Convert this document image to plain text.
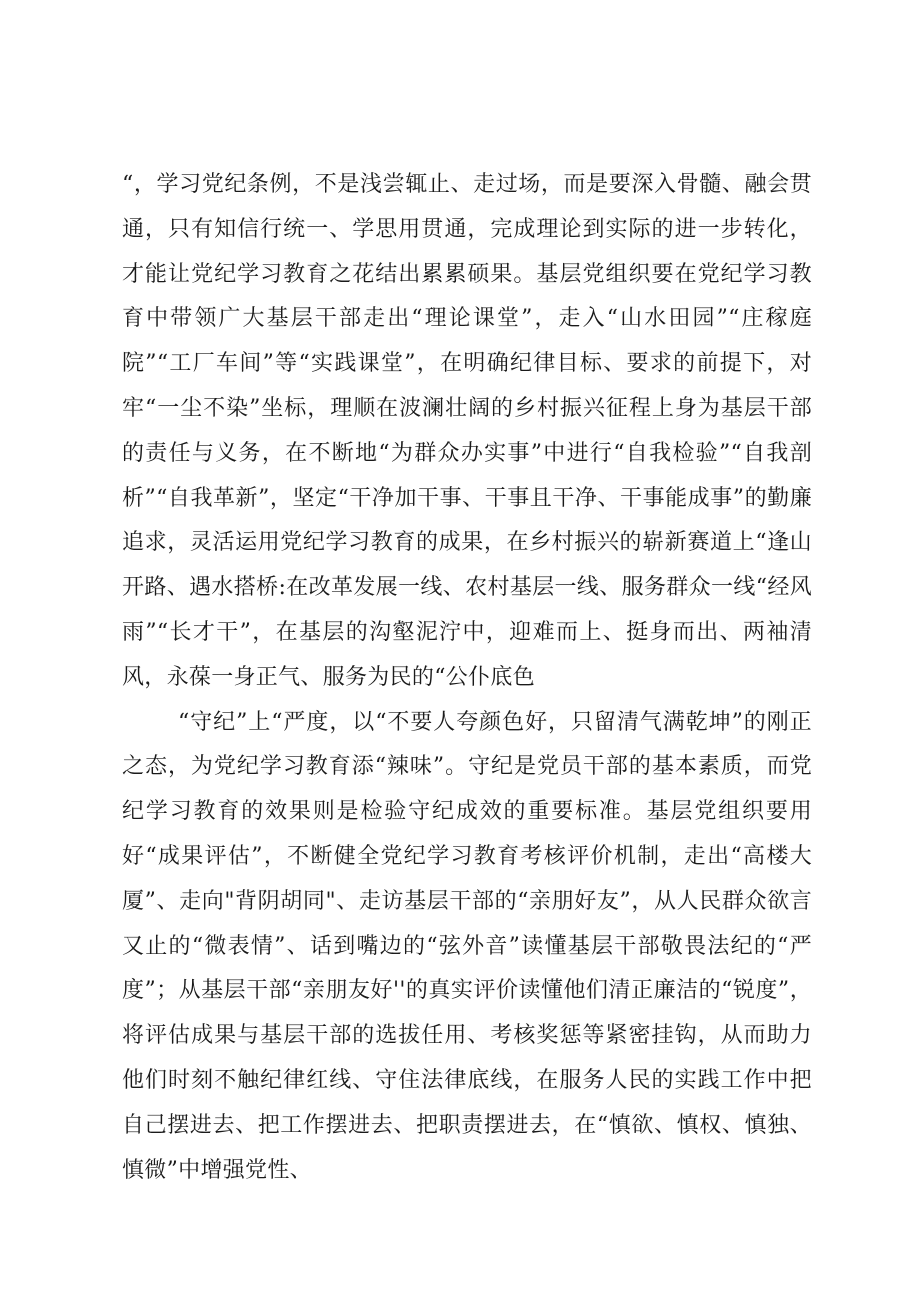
“，学习党纪条例，不是浅尝辄止、走过场，而是要深入骨髓、融会贯通，只有知信行统一、学思用贯通，完成理论到实际的进一步转化，才能让党纪学习教育之花结出累累硕果。基层党组织要在党纪学习教育中带领广大基层干部走出“理论课堂”，走入“山水田园”“庄稼庭院”“工厂车间”等“实践课堂”，在明确纪律目标、要求的前提下，对牢“一尘不染”坐标，理顺在波澜壮阔的乡村振兴征程上身为基层干部的责任与义务，在不断地“为群众办实事”中进行“自我检验”“自我剖析”“自我革新”，坚定“干净加干事、干事且干净、干事能成事”的勤廉追求，灵活运用党纪学习教育的成果，在乡村振兴的崭新赛道上“逢山开路、遇水搭桥:在改革发展一线、农村基层一线、服务群众一线“经风雨”“长才干”，在基层的沟壑泥泞中，迎难而上、挺身而出、两袖清风，永葆一身正气、服务为民的“公仆底色

“守纪”上“严度，以“不要人夸颜色好，只留清气满乾坤”的刚正之态，为党纪学习教育添“辣味”。守纪是党员干部的基本素质，而党纪学习教育的效果则是检验守纪成效的重要标准。基层党组织要用好“成果评估”，不断健全党纪学习教育考核评价机制，走出“高楼大厦”、走向"背阴胡同"、走访基层干部的“亲朋好友”，从人民群众欲言又止的“微表情”、话到嘴边的“弦外音”读懂基层干部敬畏法纪的“严度”；从基层干部“亲朋友好''的真实评价读懂他们清正廉洁的“锐度”，将评估成果与基层干部的选拔任用、考核奖惩等紧密挂钩，从而助力他们时刻不触纪律红线、守住法律底线，在服务人民的实践工作中把自己摆进去、把工作摆进去、把职责摆进去，在“慎欲、慎权、慎独、慎微”中增强党性、
